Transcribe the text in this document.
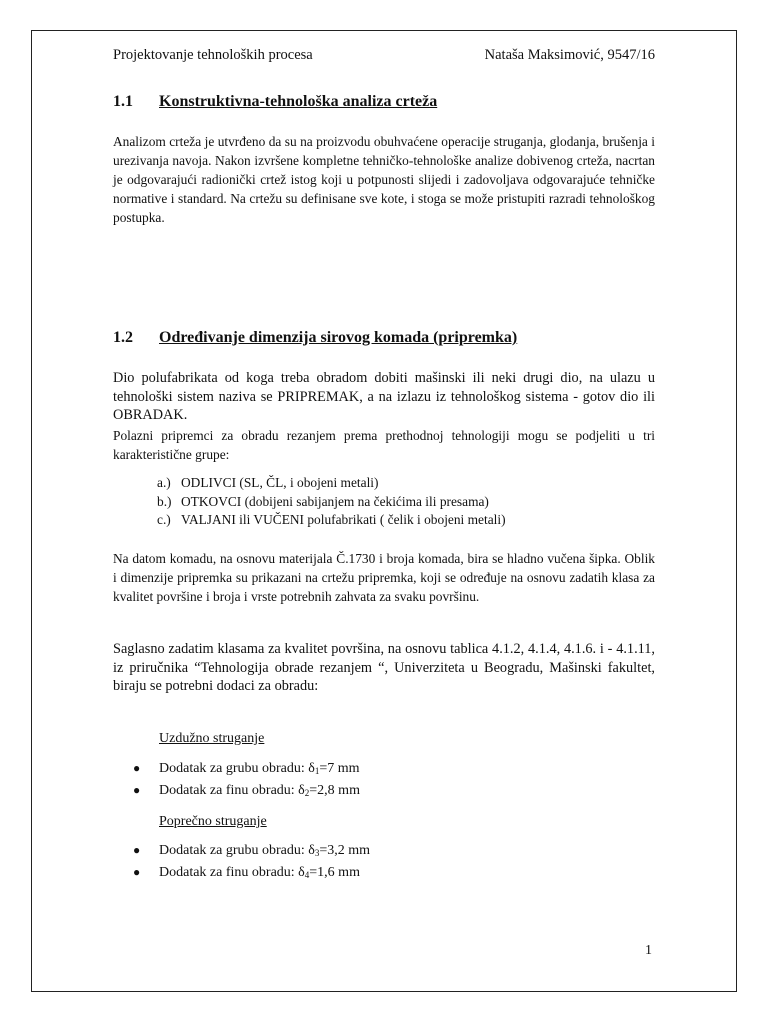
Projektovanje tehnoloških procesa	Nataša Maksimović, 9547/16
1.1 Konstruktivna-tehnološka analiza crteža
Analizom crteža je utvrđeno da su na proizvodu obuhvaćene operacije struganja, glodanja, brušenja i urezivanja navoja. Nakon izvršene kompletne tehničko-tehnološke analize dobivenog crteža, nacrtan je odgovarajući radionički crtež istog koji u potpunosti slijedi i zadovoljava odgovarajuće tehničke normative i standard. Na crtežu su definisane sve kote, i stoga se može pristupiti razradi tehnološkog postupka.
1.2 Određivanje dimenzija sirovog komada (pripremka)
Dio polufabrikata od koga treba obradom dobiti mašinski ili neki drugi dio, na ulazu u tehnološki sistem naziva se PRIPREMAK, a na izlazu iz tehnološkog sistema - gotov dio ili OBRADAK.
Polazni pripremci za obradu rezanjem prema prethodnoj tehnologiji mogu se podjeliti u tri karakteristične grupe:
a.) ODLIVCI (SL, ČL, i obojeni metali)
b.) OTKOVCI (dobijeni sabijanjem na čekićima ili presama)
c.) VALJANI ili VUČENI polufabrikati ( čelik i obojeni metali)
Na datom komadu, na osnovu materijala Č.1730 i broja komada, bira se hladno vučena šipka. Oblik i dimenzije pripremka su prikazani na crtežu pripremka, koji se određuje na osnovu zadatih klasa za kvalitet površine i broja i vrste potrebnih zahvata za svaku površinu.
Saglasno zadatim klasama za kvalitet površina, na osnovu tablica 4.1.2, 4.1.4, 4.1.6. i - 4.1.11, iz priručnika “Tehnologija obrade rezanjem “, Univerziteta u Beogradu, Mašinski fakultet, biraju se potrebni dodaci za obradu:
Uzdužno struganje
● Dodatak za grubu obradu: $\delta_1=7$ mm
● Dodatak za finu obradu: $\delta_2=2,8$ mm
Poprečno struganje
● Dodatak za grubu obradu: $\delta_3=3,2$ mm
● Dodatak za finu obradu: $\delta_4=1,6$ mm
1
